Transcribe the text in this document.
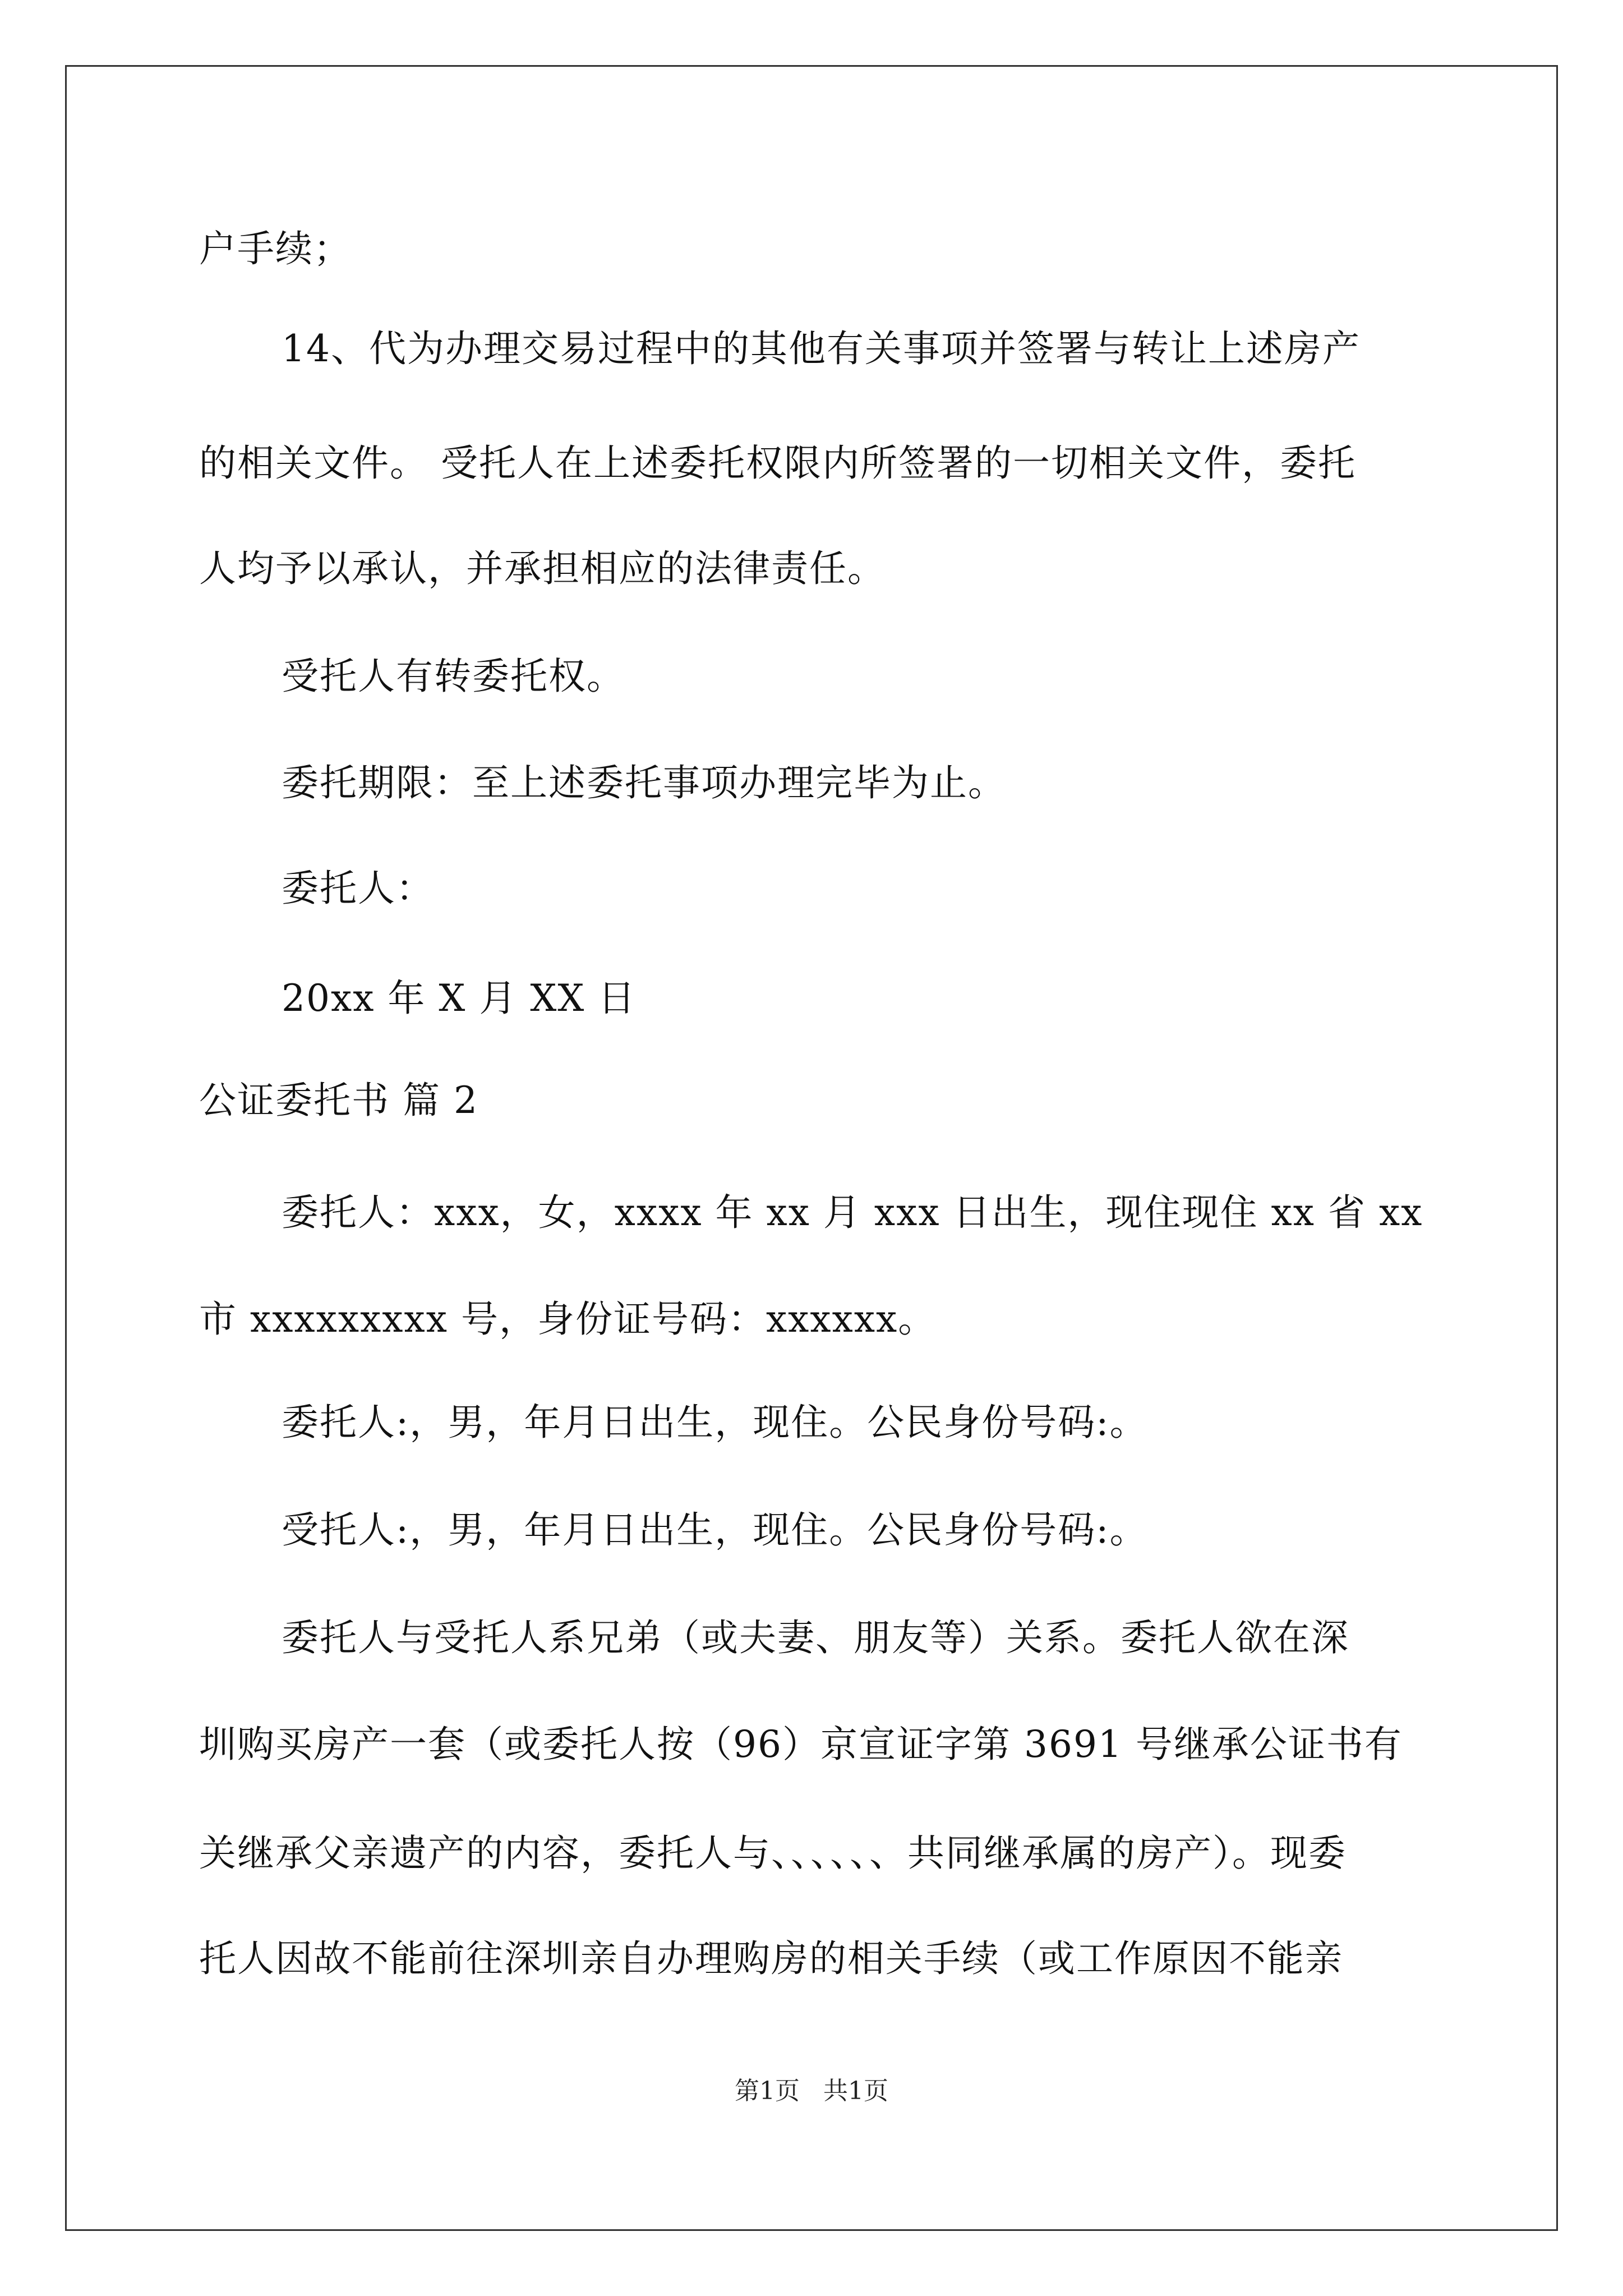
户手续；
14、代为办理交易过程中的其他有关事项并签署与转让上述房产
的相关文件。 受托人在上述委托权限内所签署的一切相关文件，委托
人均予以承认，并承担相应的法律责任。
受托人有转委托权。
委托期限：至上述委托事项办理完毕为止。
委托人：
20xx 年 X 月 XX 日
公证委托书 篇 2
委托人：xxx，女，xxxx 年 xx 月 xxx 日出生，现住现住 xx 省 xx
市 xxxxxxxxx 号，身份证号码：xxxxxx。
委托人:，男，年月日出生，现住。公民身份号码:。
受托人:，男，年月日出生，现住。公民身份号码:。
委托人与受托人系兄弟（或夫妻、朋友等）关系。委托人欲在深
圳购买房产一套（或委托人按（96）京宣证字第 3691 号继承公证书有
关继承父亲遗产的内容，委托人与、、、、、、共同继承属的房产）。现委
托人因故不能前往深圳亲自办理购房的相关手续（或工作原因不能亲
第1页 共1页
